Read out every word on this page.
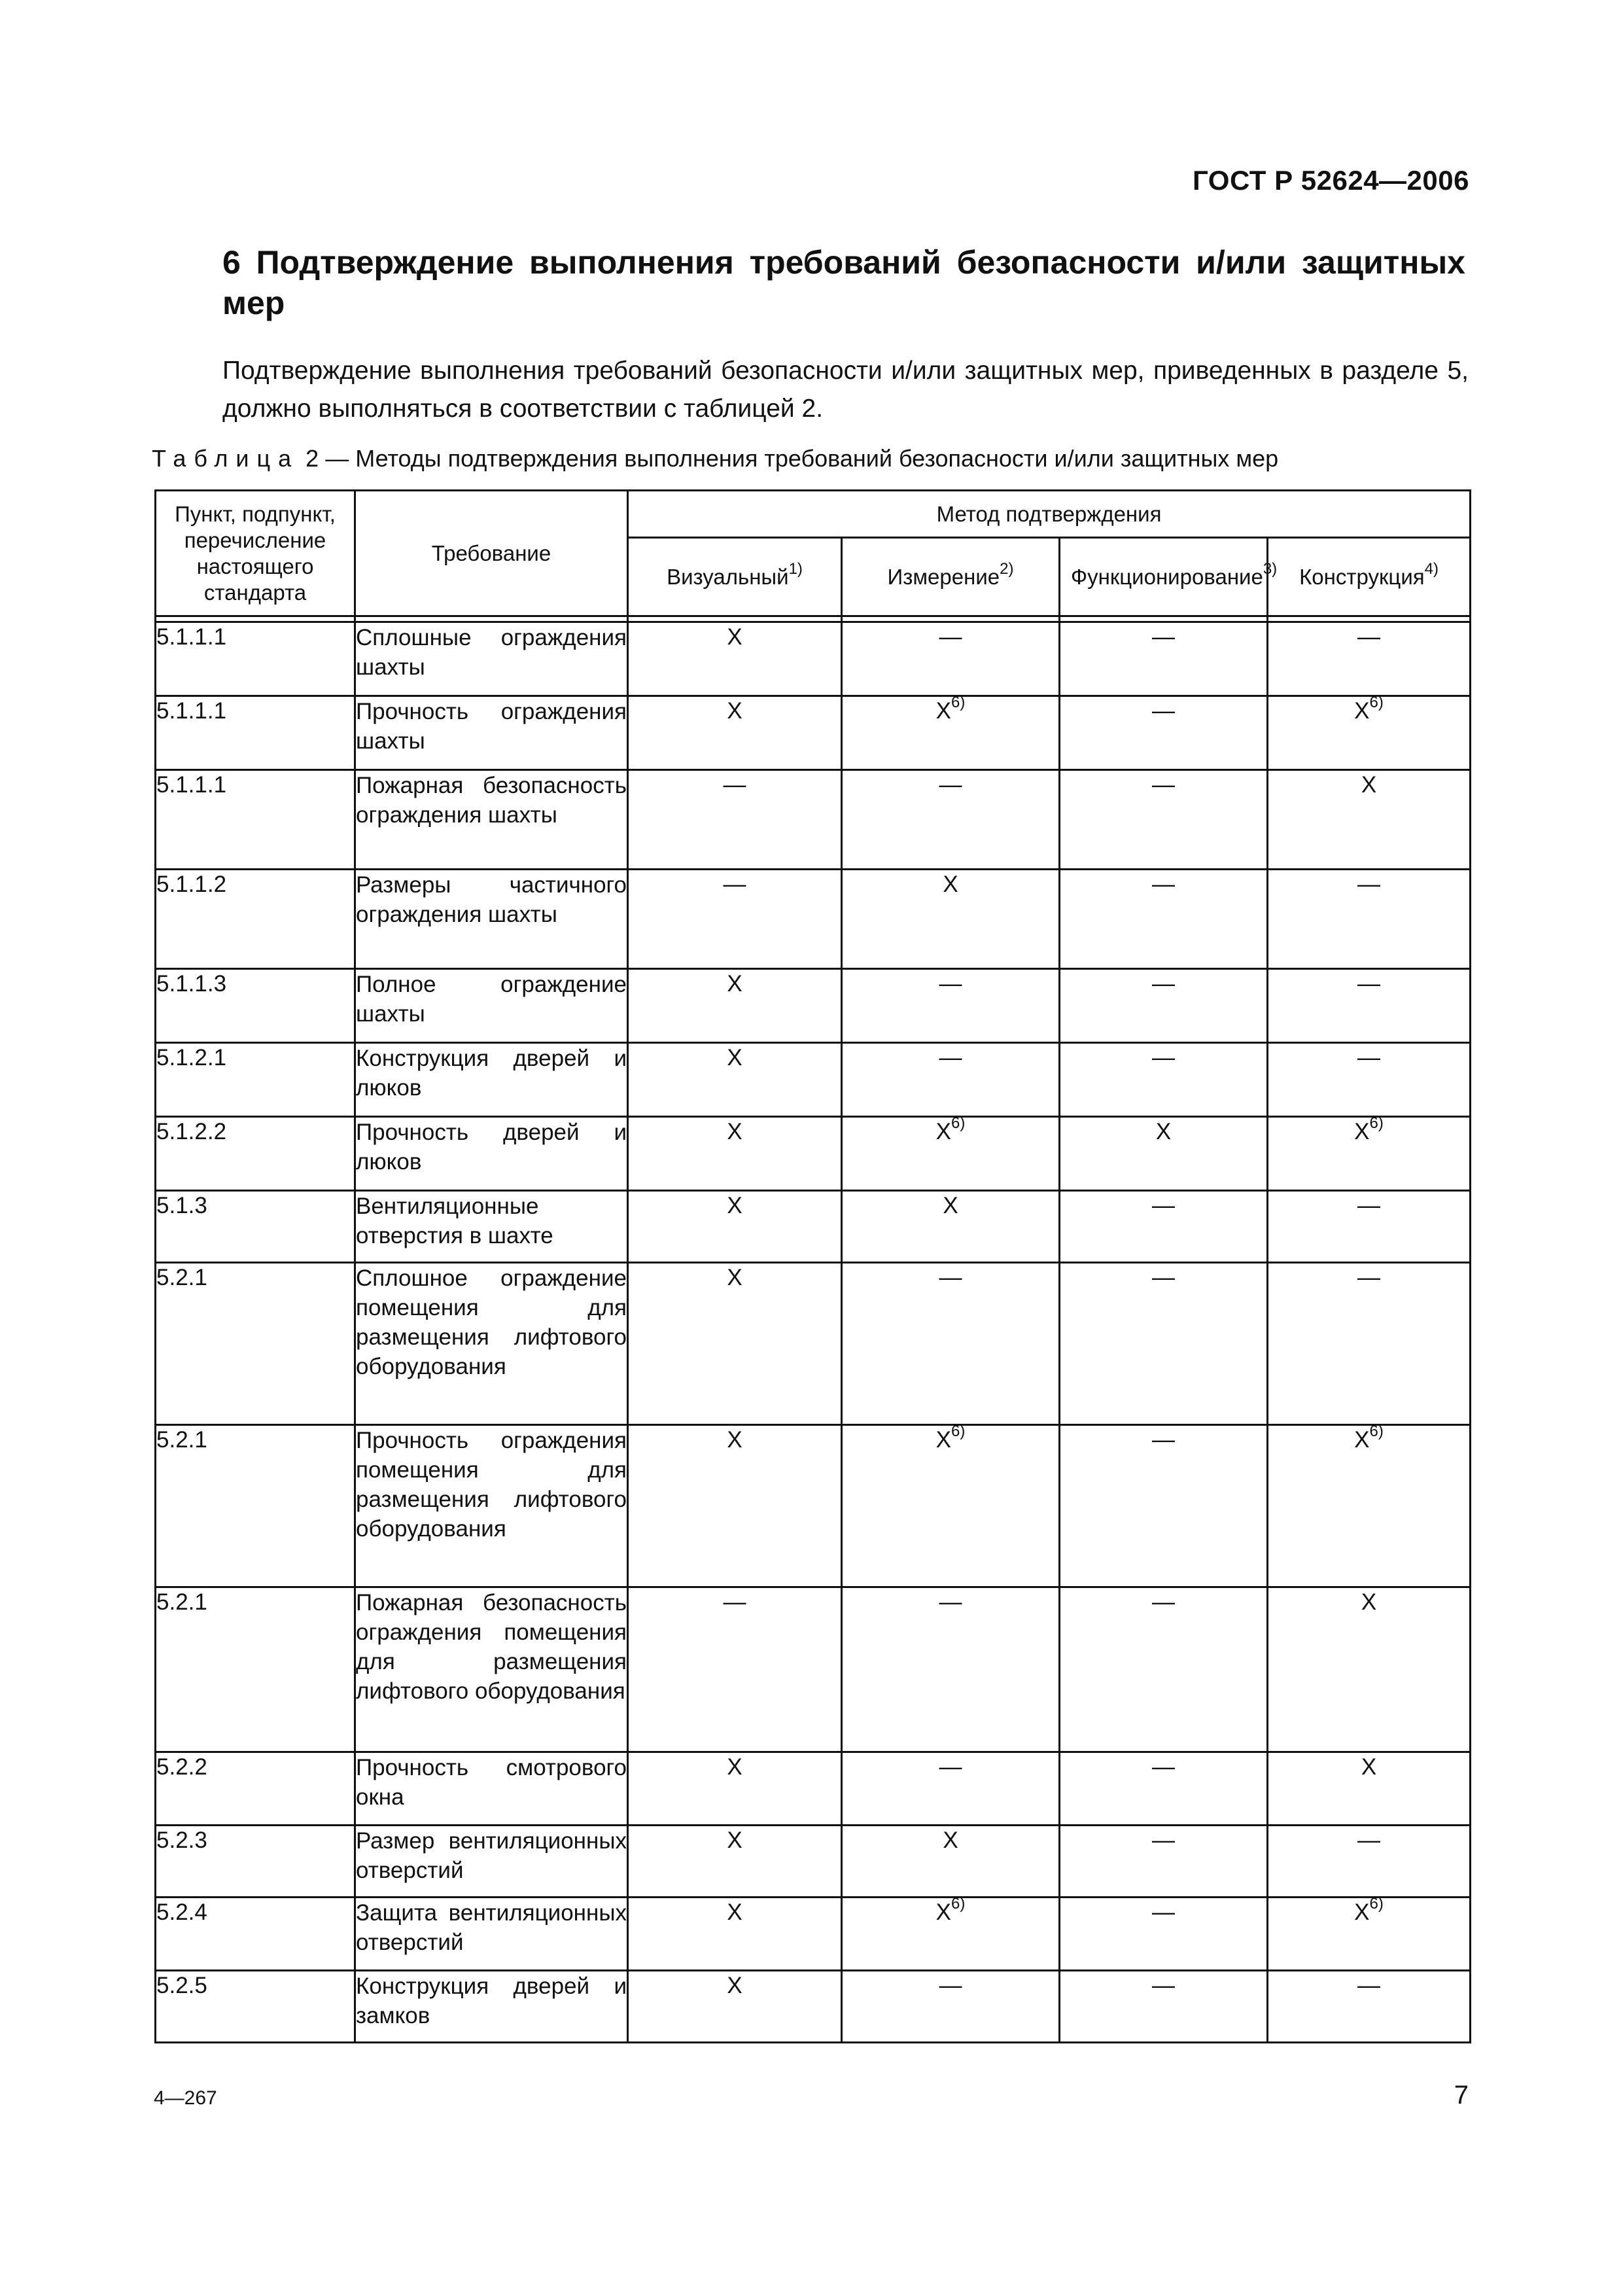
ГОСТ Р 52624—2006
6 Подтверждение выполнения требований безопасности и/или защитных мер
Подтверждение выполнения требований безопасности и/или защитных мер, приведенных в разделе 5, должно выполняться в соответствии с таблицей 2.
Таблица 2 — Методы подтверждения выполнения требований безопасности и/или защитных мер
Пункт, подпункт, перечисление настоящего стандарта	Требование	Метод подтверждения			
		Визуальный$^{1)}$	Измерение$^{2)}$	Функционирование$^{3)}$	Конструкция$^{4)}$

5.1.1.1	Сплошные ограждения шахты	X	—	—	—
5.1.1.1	Прочность ограждения шахты	X	$X^{6)}$	—	$X^{6)}$
5.1.1.1	Пожарная безопасность ограждения шахты	—	—	—	X
5.1.1.2	Размеры частичного ограждения шахты	—	X	—	—
5.1.1.3	Полное ограждение шахты	X	—	—	—
5.1.2.1	Конструкция дверей и люков	X	—	—	—
5.1.2.2	Прочность дверей и люков	X	$X^{6)}$	X	$X^{6)}$
5.1.3	Вентиляционные отверстия в шахте	X	X	—	—
5.2.1	Сплошное ограждение помещения для размещения лифтового оборудования	X	—	—	—
5.2.1	Прочность ограждения помещения для размещения лифтового оборудования	X	$X^{6)}$	—	$X^{6)}$
5.2.1	Пожарная безопасность ограждения помещения для размещения лифтового оборудования	—	—	—	X
5.2.2	Прочность смотрового окна	X	—	—	X
5.2.3	Размер вентиляционных отверстий	X	X	—	—
5.2.4	Защита вентиляционных отверстий	X	$X^{6)}$	—	$X^{6)}$
5.2.5	Конструкция дверей и замков	X	—	—	—
4—267	7
